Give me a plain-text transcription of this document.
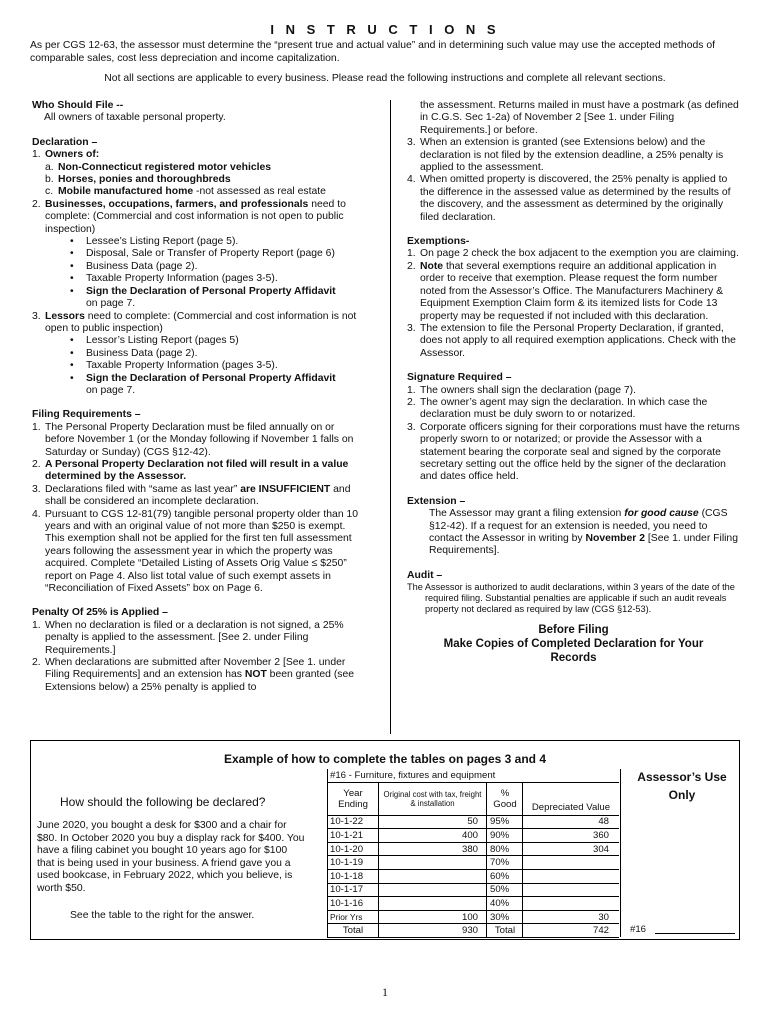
I N S T R U C T I O N S
As per CGS 12-63, the assessor must determine the “present true and actual value” and in determining such value may use the accepted methods of comparable sales, cost less depreciation and income capitalization.
Not all sections are applicable to every business. Please read the following instructions and complete all relevant sections.
Who Should File --

All owners of taxable personal property.

Declaration –
1. Owners of:
a. Non-Connecticut registered motor vehicles
b. Horses, ponies and thoroughbreds
c. Mobile manufactured home -not assessed as real estate
2. Businesses, occupations, farmers, and professionals need to complete: (Commercial and cost information is not open to public inspection)
• Lessee’s Listing Report (page 5).
• Disposal, Sale or Transfer of Property Report (page 6)
• Business Data (page 2).
• Taxable Property Information (pages 3-5).
• Sign the Declaration of Personal Property Affidavit
on page 7.
3. Lessors need to complete: (Commercial and cost information is not open to public inspection)
• Lessor’s Listing Report (pages 5)
• Business Data (page 2).
• Taxable Property Information (pages 3-5).
• Sign the Declaration of Personal Property Affidavit
on page 7.
Filing Requirements –
1. The Personal Property Declaration must be filed annually on or before November 1 (or the Monday following if November 1 falls on Saturday or Sunday) (CGS §12-42).
2. A Personal Property Declaration not filed will result in a value determined by the Assessor.
3. Declarations filed with “same as last year” are INSUFFICIENT and shall be considered an incomplete declaration.
4. Pursuant to CGS 12-81(79) tangible personal property older than 10 years and with an original value of not more than $250 is exempt. This exemption shall not be applied for the first ten full assessment years following the assessment year in which the property was acquired. Complete “Detailed Listing of Assets Orig Value ≤ $250” report on Page 4. Also list total value of such exempt assets in “Reconciliation of Fixed Assets” box on Page 6.
Penalty Of 25% is Applied –
1. When no declaration is filed or a declaration is not signed, a 25% penalty is applied to the assessment. [See 2. under Filing Requirements.]
2. When declarations are submitted after November 2 [See 1. under Filing Requirements] and an extension has NOT been granted (see Extensions below) a 25% penalty is applied to
the assessment. Returns mailed in must have a postmark (as defined in C.G.S. Sec 1-2a) of November 2 [See 1. under Filing Requirements.] or before.
3. When an extension is granted (see Extensions below) and the declaration is not filed by the extension deadline, a 25% penalty is applied to the assessment.
4. When omitted property is discovered, the 25% penalty is applied to the difference in the assessed value as determined by the results of the discovery, and the assessment as determined by the originally filed declaration.
Exemptions-
1. On page 2 check the box adjacent to the exemption you are claiming.
2. Note that several exemptions require an additional application in order to receive that exemption. Please request the form number noted from the Assessor’s Office. The Manufacturers Machinery & Equipment Exemption Claim form & its itemized lists for Code 13 property may be requested if not included with this declaration.
3. The extension to file the Personal Property Declaration, if granted, does not apply to all required exemption applications. Check with the Assessor.
Signature Required –
1. The owners shall sign the declaration (page 7).
2. The owner’s agent may sign the declaration. In which case the declaration must be duly sworn to or notarized.
3. Corporate officers signing for their corporations must have the returns properly sworn to or notarized; or provide the Assessor with a statement bearing the corporate seal and signed by the corporate secretary setting out the office held by the signer of the declaration and dates office held.
Extension –

The Assessor may grant a filing extension for good cause (CGS §12-42). If a request for an extension is needed, you need to contact the Assessor in writing by November 2 [See 1. under Filing Requirements].

Audit –

The Assessor is authorized to audit declarations, within 3 years of the date of the required filing. Substantial penalties are applicable if such an audit reveals property not declared as required by law (CGS §12-53).

Before Filing
Make Copies of Completed Declaration for Your
Records
Example of how to complete the tables on pages 3 and 4
How should the following be declared?
June 2020, you bought a desk for $300 and a chair for $80. In October 2020 you buy a display rack for $400. You have a filing cabinet you bought 10 years ago for $100 that is being used in your business. A friend gave you a used bookcase, in February 2022, which you believe, is worth $50.
See the table to the right for the answer.
#16 - Furniture, fixtures and equipment			
Year Ending	Original cost with tax, freight & installation	% Good	Depreciated Value
10-1-22	50	95%	48
10-1-21	400	90%	360
10-1-20	380	80%	304
10-1-19		70%	
10-1-18		60%	
10-1-17		50%	
10-1-16		40%	
Prior Yrs	100	30%	30
Total	930	Total	742
Assessor’s Use Only
#16
1
